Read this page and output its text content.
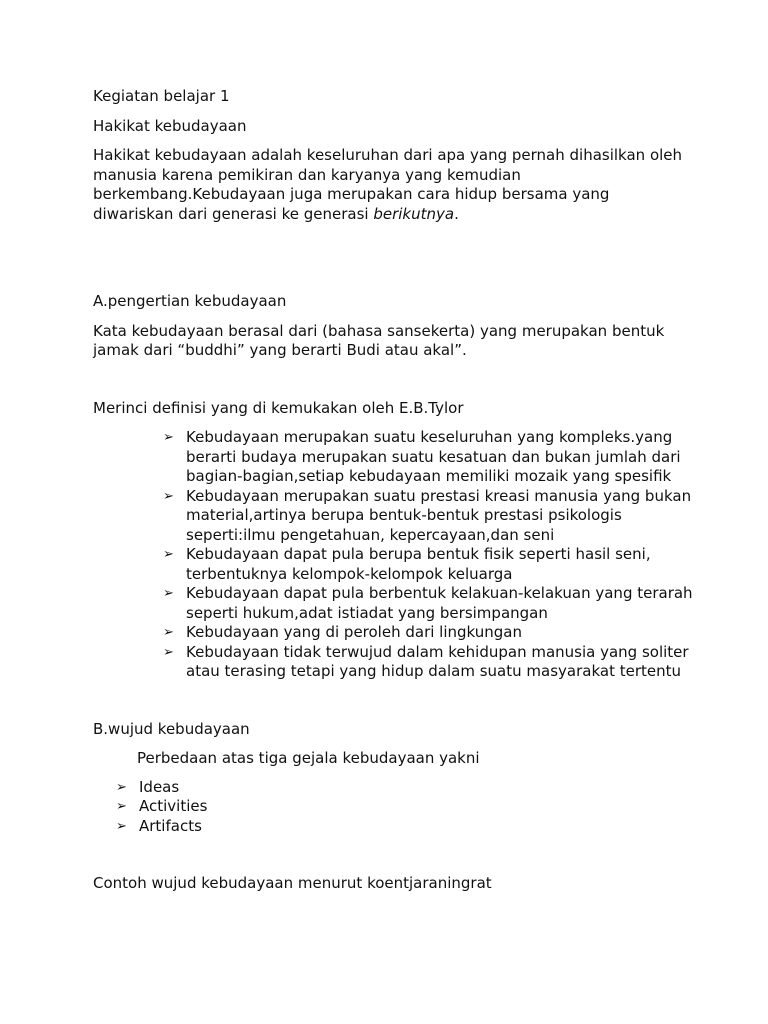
Kegiatan belajar 1

Hakikat kebudayaan

Hakikat kebudayaan adalah keseluruhan dari apa yang pernah dihasilkan oleh manusia karena pemikiran dan karyanya yang kemudian berkembang.Kebudayaan juga merupakan cara hidup bersama yang diwariskan dari generasi ke generasi berikutnya.

A.pengertian kebudayaan

Kata kebudayaan berasal dari (bahasa sansekerta) yang merupakan bentuk jamak dari “buddhi” yang berarti Budi atau akal”.

Merinci definisi yang di kemukakan oleh E.B.Tylor

➢ Kebudayaan merupakan suatu keseluruhan yang kompleks.yang berarti budaya merupakan suatu kesatuan dan bukan jumlah dari bagian-bagian,setiap kebudayaan memiliki mozaik yang spesifik
➢ Kebudayaan merupakan suatu prestasi kreasi manusia yang bukan material,artinya berupa bentuk-bentuk prestasi psikologis seperti:ilmu pengetahuan, kepercayaan,dan seni
➢ Kebudayaan dapat pula berupa bentuk fisik seperti hasil seni, terbentuknya kelompok-kelompok keluarga
➢ Kebudayaan dapat pula berbentuk kelakuan-kelakuan yang terarah seperti hukum,adat istiadat yang bersimpangan
➢ Kebudayaan yang di peroleh dari lingkungan
➢ Kebudayaan tidak terwujud dalam kehidupan manusia yang soliter atau terasing tetapi yang hidup dalam suatu masyarakat tertentu

B.wujud kebudayaan

Perbedaan atas tiga gejala kebudayaan yakni

➢ Ideas
➢ Activities
➢ Artifacts

Contoh wujud kebudayaan menurut koentjaraningrat
